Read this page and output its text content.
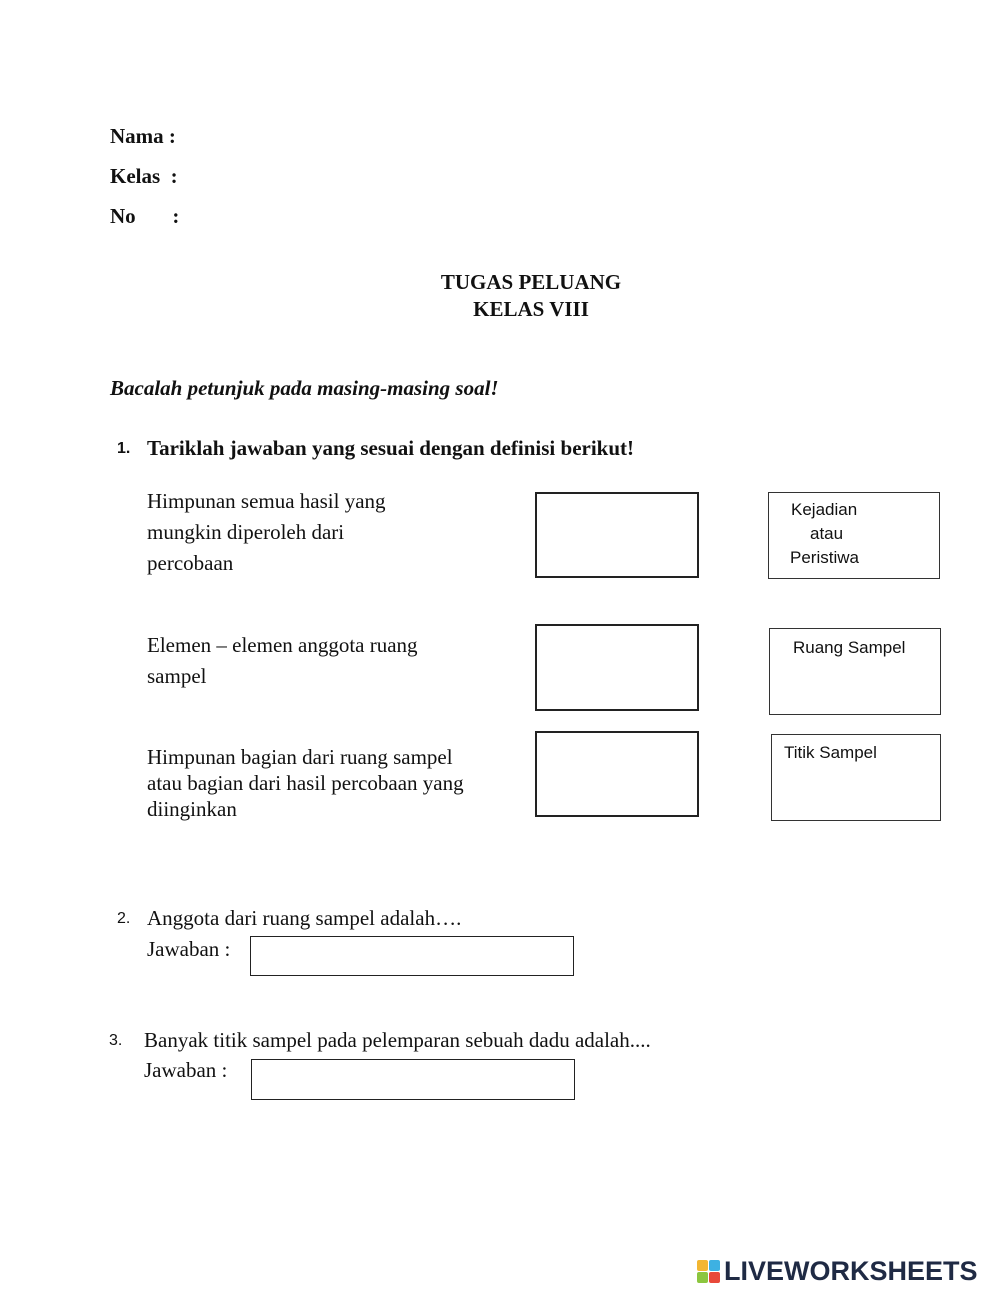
Nama :
Kelas  :
No       :
TUGAS PELUANG
KELAS VIII
Bacalah petunjuk pada masing-masing soal!
1. Tariklah jawaban yang sesuai dengan definisi berikut!
Himpunan semua hasil yang
mungkin diperoleh dari
percobaan
Elemen – elemen anggota ruang
sampel
Himpunan bagian dari ruang sampel
atau bagian dari hasil percobaan yang
diinginkan
Kejadian
atau
Peristiwa
Ruang Sampel
Titik Sampel
2. Anggota dari ruang sampel adalah….
Jawaban :
3. Banyak titik sampel pada pelemparan sebuah dadu adalah....
Jawaban :
LIVEWORKSHEETS
